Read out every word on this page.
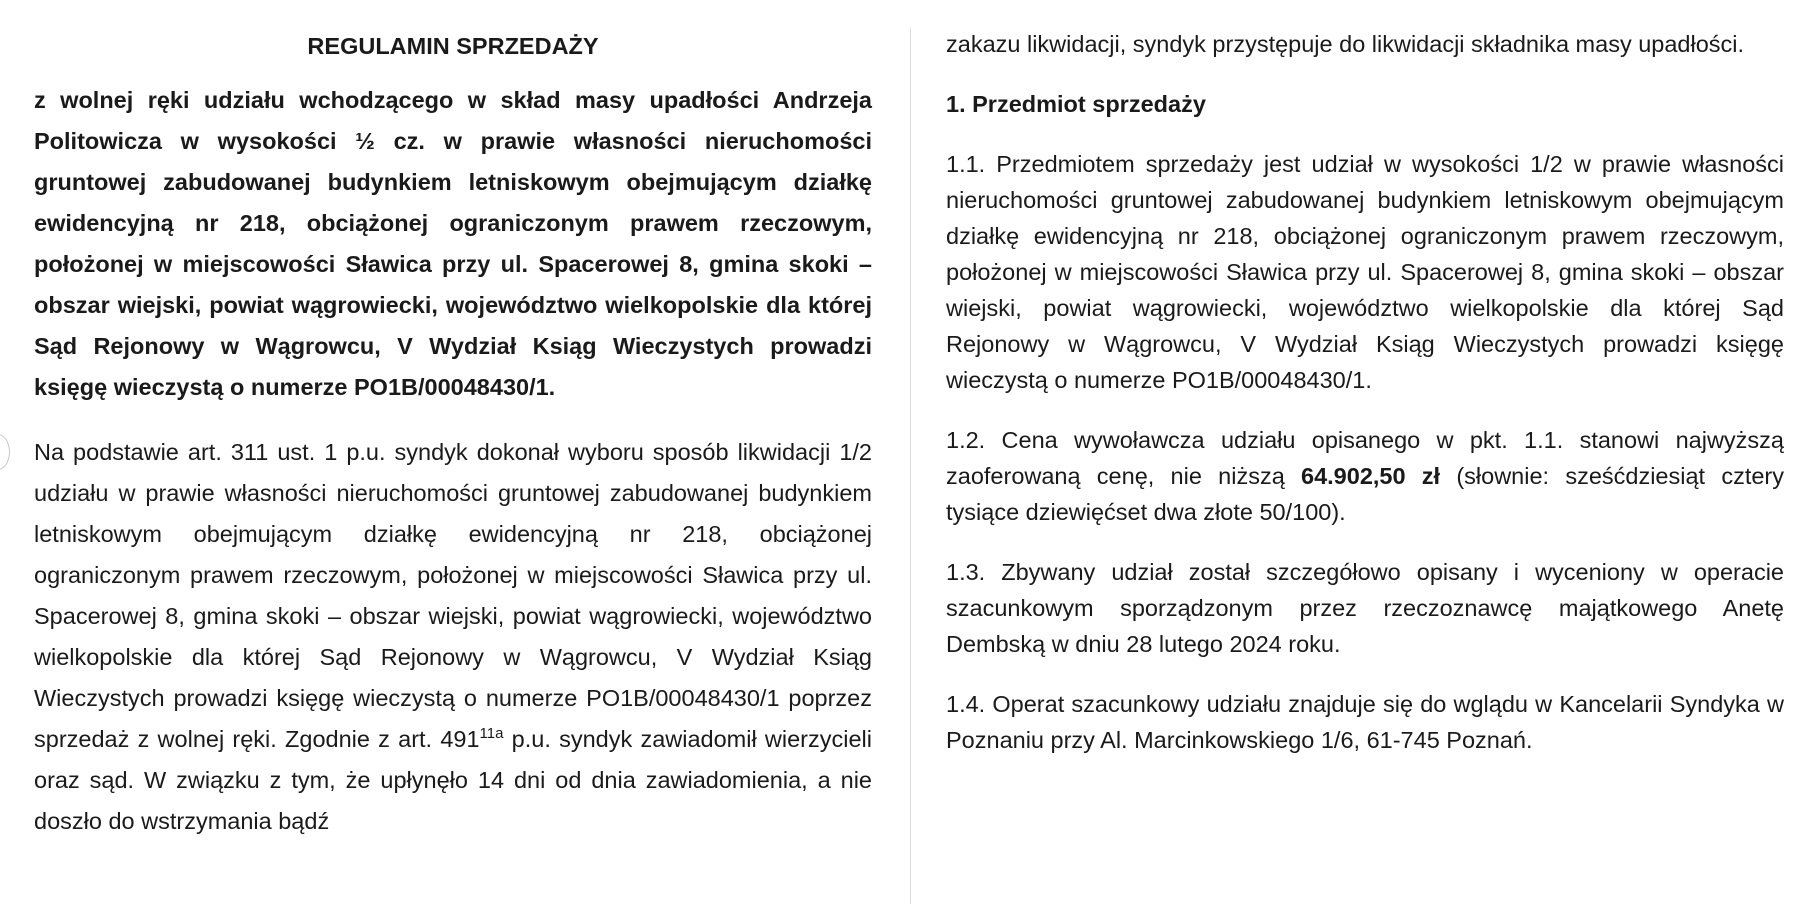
REGULAMIN SPRZEDAŻY

z wolnej ręki udziału wchodzącego w skład masy upadłości Andrzeja Politowicza w wysokości ½ cz. w prawie własności nieruchomości gruntowej zabudowanej budynkiem letniskowym obejmującym działkę ewidencyjną nr 218, obciążonej ograniczonym prawem rzeczowym, położonej w miejscowości Sławica przy ul. Spacerowej 8, gmina skoki – obszar wiejski, powiat wągrowiecki, województwo wielkopolskie dla której Sąd Rejonowy w Wągrowcu, V Wydział Ksiąg Wieczystych prowadzi księgę wieczystą o numerze PO1B/00048430/1.

Na podstawie art. 311 ust. 1 p.u. syndyk dokonał wyboru sposób likwidacji 1/2 udziału w prawie własności nieruchomości gruntowej zabudowanej budynkiem letniskowym obejmującym działkę ewidencyjną nr 218, obciążonej ograniczonym prawem rzeczowym, położonej w miejscowości Sławica przy ul. Spacerowej 8, gmina skoki – obszar wiejski, powiat wągrowiecki, województwo wielkopolskie dla której Sąd Rejonowy w Wągrowcu, V Wydział Ksiąg Wieczystych prowadzi księgę wieczystą o numerze PO1B/00048430/1 poprzez sprzedaż z wolnej ręki. Zgodnie z art. $491^{11a}$ p.u. syndyk zawiadomił wierzycieli oraz sąd. W związku z tym, że upłynęło 14 dni od dnia zawiadomienia, a nie doszło do wstrzymania bądź

zakazu likwidacji, syndyk przystępuje do likwidacji składnika masy upadłości.

1. Przedmiot sprzedaży

1.1. Przedmiotem sprzedaży jest udział w wysokości 1/2 w prawie własności nieruchomości gruntowej zabudowanej budynkiem letniskowym obejmującym działkę ewidencyjną nr 218, obciążonej ograniczonym prawem rzeczowym, położonej w miejscowości Sławica przy ul. Spacerowej 8, gmina skoki – obszar wiejski, powiat wągrowiecki, województwo wielkopolskie dla której Sąd Rejonowy w Wągrowcu, V Wydział Ksiąg Wieczystych prowadzi księgę wieczystą o numerze PO1B/00048430/1.

1.2. Cena wywoławcza udziału opisanego w pkt. 1.1. stanowi najwyższą zaoferowaną cenę, nie niższą 64.902,50 zł (słownie: sześćdziesiąt cztery tysiące dziewięćset dwa złote 50/100).

1.3. Zbywany udział został szczegółowo opisany i wyceniony w operacie szacunkowym sporządzonym przez rzeczoznawcę majątkowego Anetę Dembską w dniu 28 lutego 2024 roku.

1.4. Operat szacunkowy udziału znajduje się do wglądu w Kancelarii Syndyka w Poznaniu przy Al. Marcinkowskiego 1/6, 61-745 Poznań.
